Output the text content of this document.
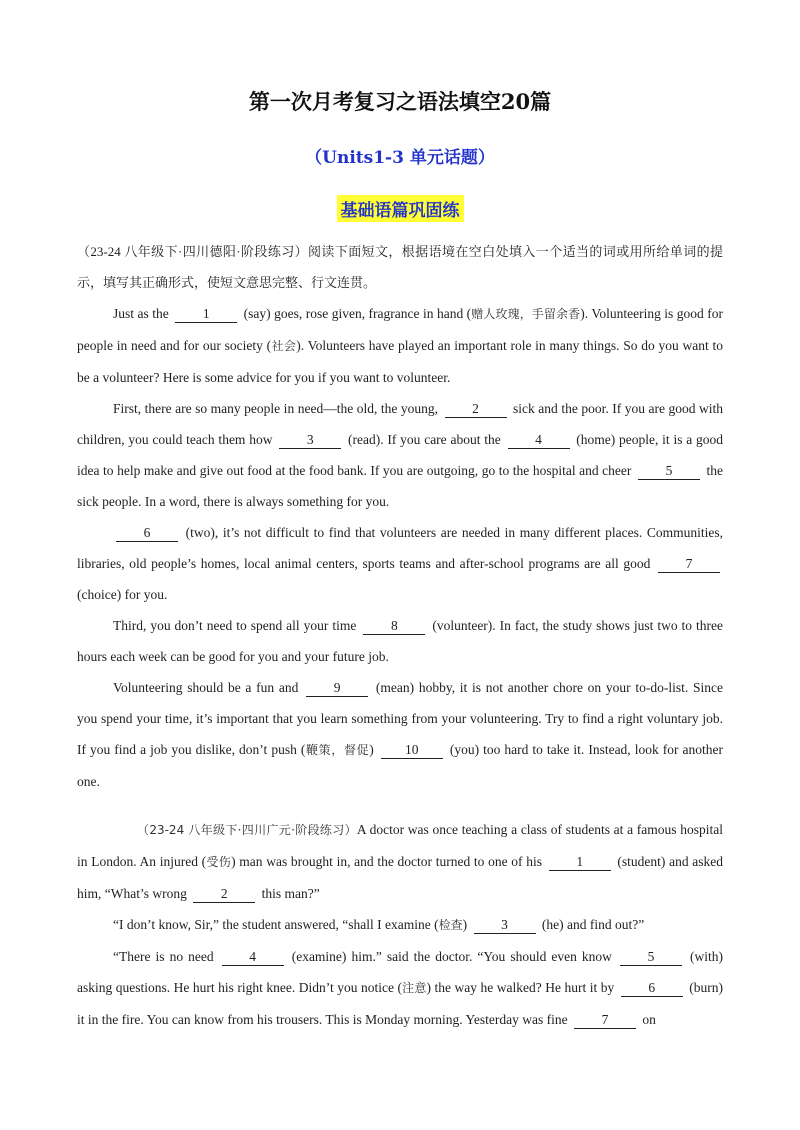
第一次月考复习之语法填空20篇
（Units1-3 单元话题）
基础语篇巩固练

（23-24 八年级下·四川德阳·阶段练习）阅读下面短文，根据语境在空白处填入一个适当的词或用所给单词的提示，填写其正确形式，使短文意思完整、行文连贯。

Just as the	1	(say) goes, rose given, fragrance in hand (赠人玫瑰，手留余香). Volunteering is good for people in need and for our society (社会). Volunteers have played an important role in many things. So do you want to be a volunteer? Here is some advice for you if you want to volunteer.

First, there are so many people in need—the old, the young,	2	sick and the poor. If you are good with children, you could teach them how	3	(read). If you care about the	4	(home) people, it is a good idea to help make and give out food at the food bank. If you are outgoing, go to the hospital and cheer	5	the sick people. In a word, there is always something for you.

6	(two), it’s not difficult to find that volunteers are needed in many different places. Communities, libraries, old people’s homes, local animal centers, sports teams and after-school programs are all good	7 (choice) for you.

Third, you don’t need to spend all your time	8	(volunteer). In fact, the study shows just two to three hours each week can be good for you and your future job.

Volunteering should be a fun and	9	(mean) hobby, it is not another chore on your to-do-list. Since you spend your time, it’s important that you learn something from your volunteering. Try to find a right voluntary job. If you find a job you dislike, don’t push (鞭策，督促) 10 (you) too hard to take it. Instead, look for another one.

（23-24 八年级下·四川广元·阶段练习）A doctor was once teaching a class of students at a famous hospital in London. An injured (受伤) man was brought in, and the doctor turned to one of his	1	(student) and asked him, “What’s wrong	2	this man?”

“I don’t know, Sir,” the student answered, “shall I examine (检查)	3	(he) and find out?”

“There is no need	4	(examine) him.” said the doctor. “You should even know	5	(with) asking questions. He hurt his right knee. Didn’t you notice (注意) the way he walked? He hurt it by	6	(burn) it in the fire. You can know from his trousers. This is Monday morning. Yesterday was fine	7	on
